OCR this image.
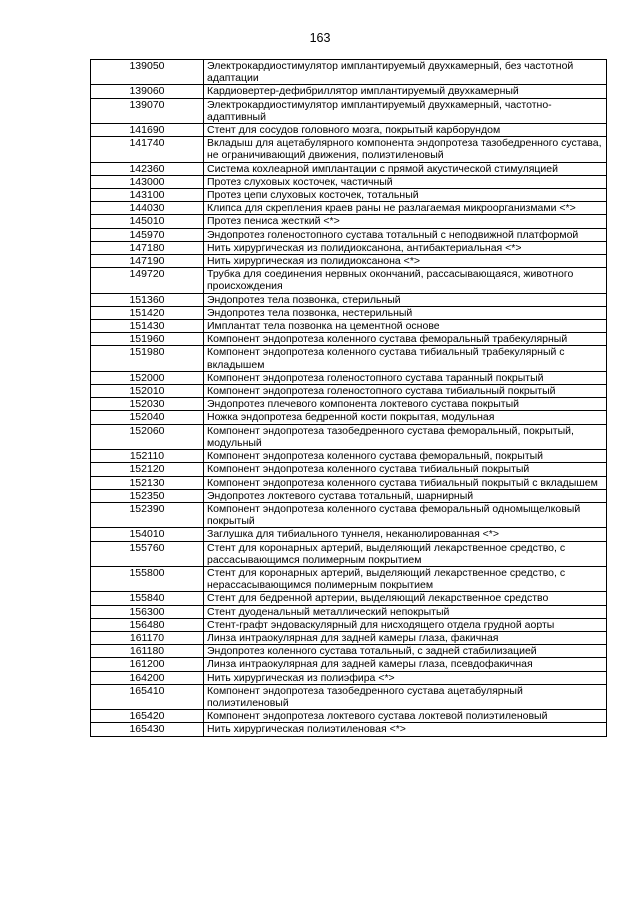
163
139050	Электрокардиостимулятор имплантируемый двухкамерный, без частотной адаптации
139060	Кардиовертер-дефибриллятор имплантируемый двухкамерный
139070	Электрокардиостимулятор имплантируемый двухкамерный, частотно-адаптивный
141690	Стент для сосудов головного мозга, покрытый карборундом
141740	Вкладыш для ацетабулярного компонента эндопротеза тазобедренного сустава, не ограничивающий движения, полиэтиленовый
142360	Система кохлеарной имплантации с прямой акустической стимуляцией
143000	Протез слуховых косточек, частичный
143100	Протез цепи слуховых косточек, тотальный
144030	Клипса для скрепления краев раны не разлагаемая микроорганизмами <*>
145010	Протез пениса жесткий <*>
145970	Эндопротез голеностопного сустава тотальный с неподвижной платформой
147180	Нить хирургическая из полидиоксанона, антибактериальная <*>
147190	Нить хирургическая из полидиоксанона <*>
149720	Трубка для соединения нервных окончаний, рассасывающаяся, животного происхождения
151360	Эндопротез тела позвонка, стерильный
151420	Эндопротез тела позвонка, нестерильный
151430	Имплантат тела позвонка на цементной основе
151960	Компонент эндопротеза коленного сустава феморальный трабекулярный
151980	Компонент эндопротеза коленного сустава тибиальный трабекулярный с вкладышем
152000	Компонент эндопротеза голеностопного сустава таранный покрытый
152010	Компонент эндопротеза голеностопного сустава тибиальный покрытый
152030	Эндопротез плечевого компонента локтевого сустава покрытый
152040	Ножка эндопротеза бедренной кости покрытая, модульная
152060	Компонент эндопротеза тазобедренного сустава феморальный, покрытый, модульный
152110	Компонент эндопротеза коленного сустава феморальный, покрытый
152120	Компонент эндопротеза коленного сустава тибиальный покрытый
152130	Компонент эндопротеза коленного сустава тибиальный покрытый с вкладышем
152350	Эндопротез локтевого сустава тотальный, шарнирный
152390	Компонент эндопротеза коленного сустава феморальный одномыщелковый покрытый
154010	Заглушка для тибиального туннеля, неканюлированная <*>
155760	Стент для коронарных артерий, выделяющий лекарственное средство, с рассасывающимся полимерным покрытием
155800	Стент для коронарных артерий, выделяющий лекарственное средство, с нерассасывающимся полимерным покрытием
155840	Стент для бедренной артерии, выделяющий лекарственное средство
156300	Стент дуоденальный металлический непокрытый
156480	Стент-графт эндоваскулярный для нисходящего отдела грудной аорты
161170	Линза интраокулярная для задней камеры глаза, факичная
161180	Эндопротез коленного сустава тотальный, с задней стабилизацией
161200	Линза интраокулярная для задней камеры глаза, псевдофакичная
164200	Нить хирургическая из полиэфира <*>
165410	Компонент эндопротеза тазобедренного сустава ацетабулярный полиэтиленовый
165420	Компонент эндопротеза локтевого сустава локтевой полиэтиленовый
165430	Нить хирургическая полиэтиленовая <*>
